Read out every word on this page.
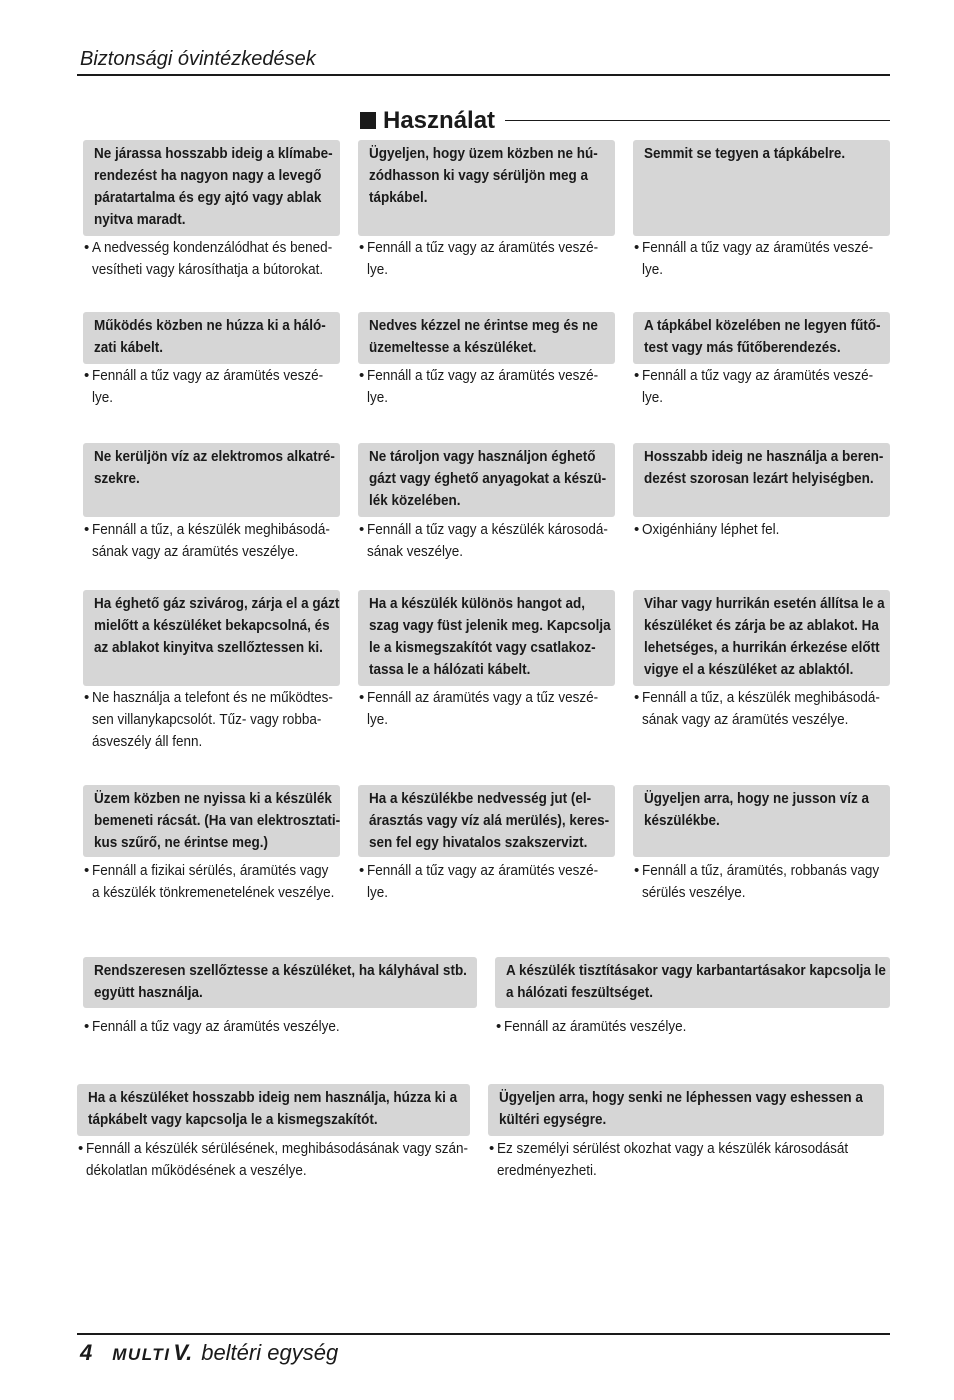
Biztonsági óvintézkedések
Használat
Ne járassa hosszabb ideig a klímabe-
rendezést ha nagyon nagy a levegő
páratartalma és egy ajtó vagy ablak
nyitva maradt.
• A nedvesség kondenzálódhat és bened-
vesítheti vagy károsíthatja a bútorokat.
Ügyeljen, hogy üzem közben ne hú-
zódhasson ki vagy sérüljön meg a
tápkábel.
• Fennáll a tűz vagy az áramütés veszé-
lye.
Semmit se tegyen a tápkábelre.
• Fennáll a tűz vagy az áramütés veszé-
lye.
Működés közben ne húzza ki a háló-
zati kábelt.
• Fennáll a tűz vagy az áramütés veszé-
lye.
Nedves kézzel ne érintse meg és ne
üzemeltesse a készüléket.
• Fennáll a tűz vagy az áramütés veszé-
lye.
A tápkábel közelében ne legyen fűtő-
test vagy más fűtőberendezés.
• Fennáll a tűz vagy az áramütés veszé-
lye.
Ne kerüljön víz az elektromos alkatré-
szekre.
• Fennáll a tűz, a készülék meghibásodá-
sának vagy az áramütés veszélye.
Ne tároljon vagy használjon éghető
gázt vagy éghető anyagokat a készü-
lék közelében.
• Fennáll a tűz vagy a készülék károsodá-
sának veszélye.
Hosszabb ideig ne használja a beren-
dezést szorosan lezárt helyiségben.
• Oxigénhiány léphet fel.
Ha éghető gáz szivárog, zárja el a gázt
mielőtt a készüléket bekapcsolná, és
az ablakot kinyitva szellőztessen ki.
• Ne használja a telefont és ne működtes-
sen villanykapcsolót. Tűz- vagy robba-
ásveszély áll fenn.
Ha a készülék különös hangot ad,
szag vagy füst jelenik meg. Kapcsolja
le a kismegszakítót vagy csatlakoz-
tassa le a hálózati kábelt.
• Fennáll az áramütés vagy a tűz veszé-
lye.
Vihar vagy hurrikán esetén állítsa le a
készüléket és zárja be az ablakot. Ha
lehetséges, a hurrikán érkezése előtt
vigye el a készüléket az ablaktól.
• Fennáll a tűz, a készülék meghibásodá-
sának vagy az áramütés veszélye.
Üzem közben ne nyissa ki a készülék
bemeneti rácsát. (Ha van elektrosztati-
kus szűrő, ne érintse meg.)
• Fennáll a fizikai sérülés, áramütés vagy
a készülék tönkremenetelének veszélye.
Ha a készülékbe nedvesség jut (el-
árasztás vagy víz alá merülés), keres-
sen fel egy hivatalos szakszervizt.
• Fennáll a tűz vagy az áramütés veszé-
lye.
Ügyeljen arra, hogy ne jusson víz a
készülékbe.
• Fennáll a tűz, áramütés, robbanás vagy
sérülés veszélye.
Rendszeresen szellőztesse a készüléket, ha kályhával stb.
együtt használja.
• Fennáll a tűz vagy az áramütés veszélye.
A készülék tisztításakor vagy karbantartásakor kapcsolja le
a hálózati feszültséget.
• Fennáll az áramütés veszélye.
Ha a készüléket hosszabb ideig nem használja, húzza ki a
tápkábelt vagy kapcsolja le a kismegszakítót.
• Fennáll a készülék sérülésének, meghibásodásának vagy szán-
dékolatlan működésének a veszélye.
Ügyeljen arra, hogy senki ne léphessen vagy eshessen a
kültéri egységre.
• Ez személyi sérülést okozhat vagy a készülék károsodását
eredményezheti.
4 MULTI V. beltéri egység
